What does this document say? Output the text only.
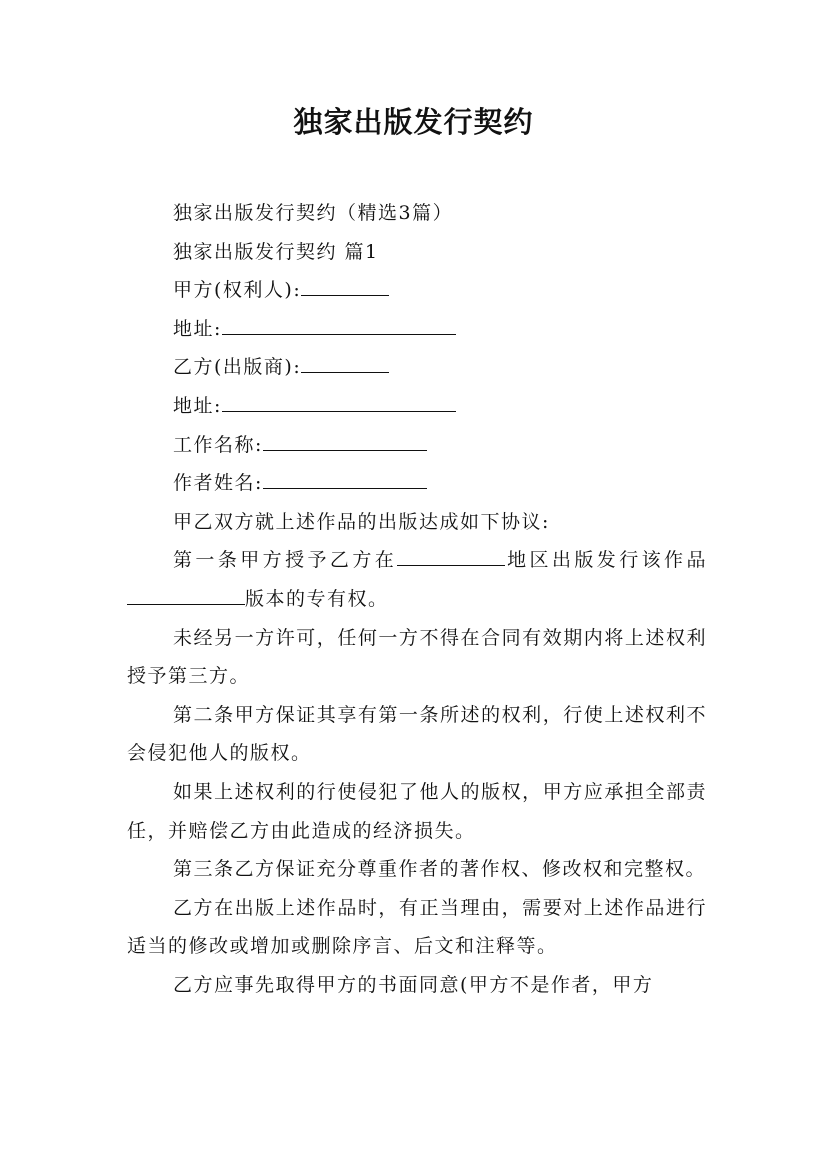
独家出版发行契约
独家出版发行契约（精选3篇）
独家出版发行契约 篇1
甲方(权利人):
地址:
乙方(出版商):
地址:
工作名称:
作者姓名:
甲乙双方就上述作品的出版达成如下协议:
第一条甲方授予乙方在	地区出版发行该作品版本的专有权。
未经另一方许可，任何一方不得在合同有效期内将上述权利授予第三方。
第二条甲方保证其享有第一条所述的权利，行使上述权利不会侵犯他人的版权。
如果上述权利的行使侵犯了他人的版权，甲方应承担全部责任，并赔偿乙方由此造成的经济损失。
第三条乙方保证充分尊重作者的著作权、修改权和完整权。
乙方在出版上述作品时，有正当理由，需要对上述作品进行适当的修改或增加或删除序言、后文和注释等。
乙方应事先取得甲方的书面同意(甲方不是作者，甲方
